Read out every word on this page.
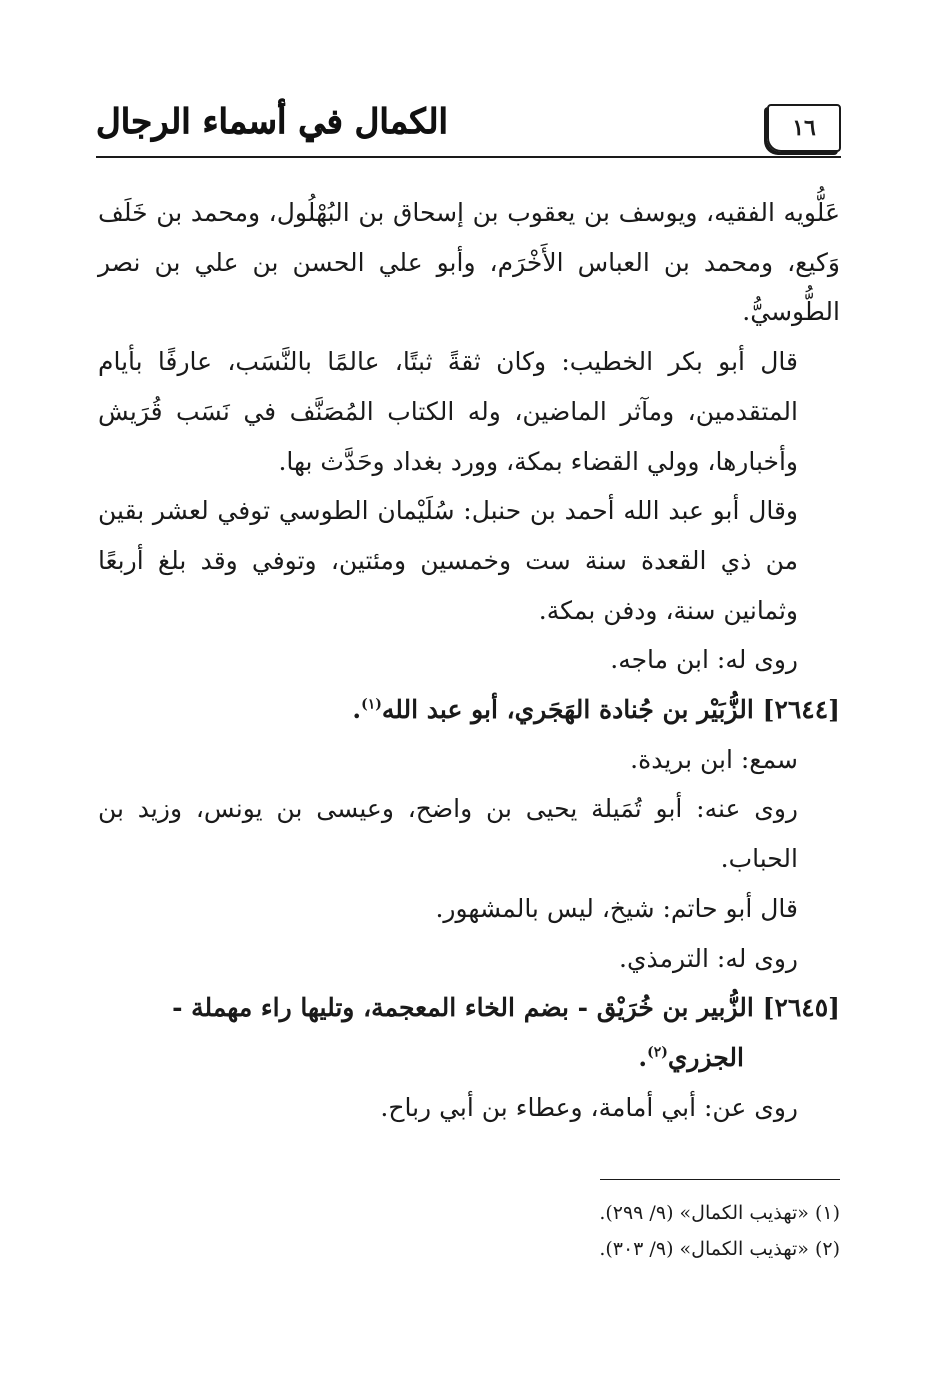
١٦
الكمال في أسماء الرجال

عَلُّويه الفقيه، ويوسف بن يعقوب بن إسحاق بن البُهْلُول، ومحمد بن خَلَف وَكيع، ومحمد بن العباس الأَخْرَم، وأبو علي الحسن بن علي بن نصر الطُّوسيُّ.

قال أبو بكر الخطيب: وكان ثقةً ثبتًا، عالمًا بالنَّسَب، عارفًا بأيام المتقدمين، ومآثر الماضين، وله الكتاب المُصَنَّف في نَسَب قُرَيش وأخبارها، وولي القضاء بمكة، وورد بغداد وحَدَّث بها.

وقال أبو عبد الله أحمد بن حنبل: سُلَيْمان الطوسي توفي لعشر بقين من ذي القعدة سنة ست وخمسين ومئتين، وتوفي وقد بلغ أربعًا وثمانين سنة، ودفن بمكة.

روى له: ابن ماجه.

[٢٦٤٤] الزُّبَيْر بن جُنادة الهَجَري، أبو عبد الله$^{(١)}$.

سمع: ابن بريدة.

روى عنه: أبو تُمَيلة يحيى بن واضح، وعيسى بن يونس، وزيد بن الحباب.

قال أبو حاتم: شيخ، ليس بالمشهور.

روى له: الترمذي.

[٢٦٤٥] الزُّبير بن خُرَيْق - بضم الخاء المعجمة، وتليها راء مهملة -
الجزري$^{(٢)}$.

روى عن: أبي أمامة، وعطاء بن أبي رباح.

(١) «تهذيب الكمال» (٩/ ٢٩٩).

(٢) «تهذيب الكمال» (٩/ ٣٠٣).
